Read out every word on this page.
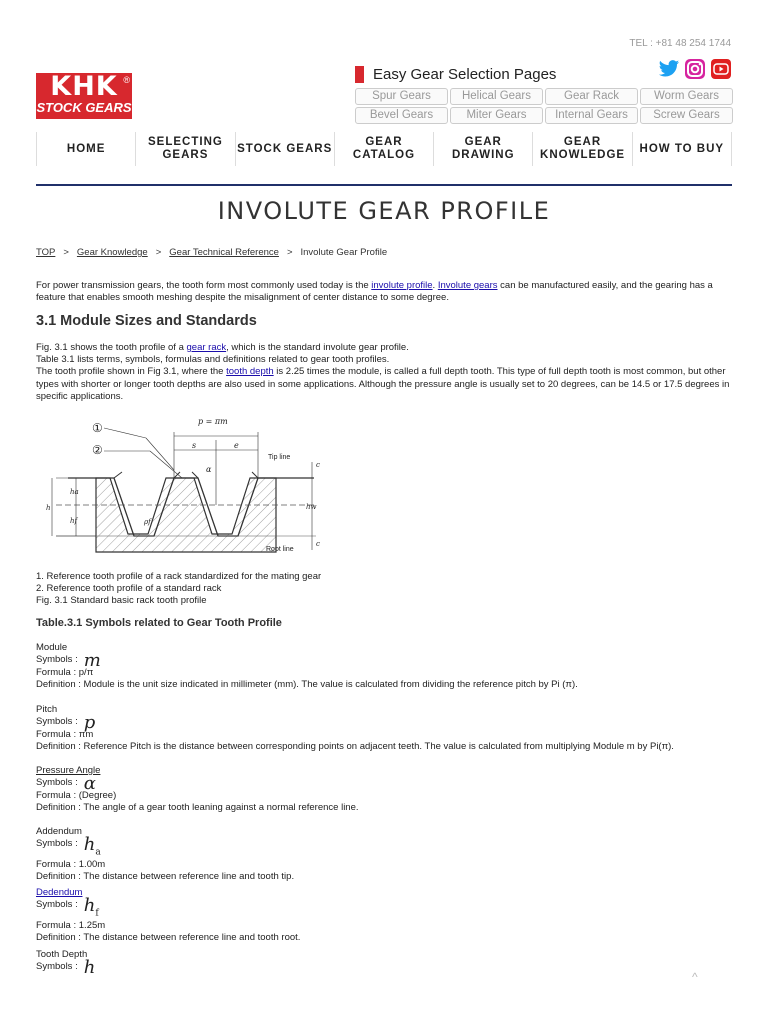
TEL : +81 48 254 1744
®
KHK
STOCK GEARS
Easy Gear Selection Pages
Spur Gears	Helical Gears	Gear Rack	Worm Gears
Bevel Gears	Miter Gears	Internal Gears	Screw Gears
HOME
SELECTING GEARS
STOCK GEARS
GEAR CATALOG
GEAR DRAWING
GEAR KNOWLEDGE
HOW TO BUY
INVOLUTE GEAR PROFILE
TOP > Gear Knowledge > Gear Technical Reference > Involute Gear Profile
For power transmission gears, the tooth form most commonly used today is the involute profile. Involute gears can be manufactured easily, and the gearing has a feature that enables smooth meshing despite the misalignment of center distance to some degree.
3.1 Module Sizes and Standards
Fig. 3.1 shows the tooth profile of a gear rack, which is the standard involute gear profile.
Table 3.1 lists terms, symbols, formulas and definitions related to gear tooth profiles.
The tooth profile shown in Fig 3.1, where the tooth depth is 2.25 times the module, is called a full depth tooth. This type of full depth tooth is most common, but other types with shorter or longer tooth depths are also used in some applications. Although the pressure angle is usually set to 20 degrees, can be 14.5 or 17.5 degrees in specific applications.
p = πm
s	e
α
Tip line
Root line
①
②
hw
c
c
h
ha
hf	ρf
1. Reference tooth profile of a rack standardized for the mating gear
2. Reference tooth profile of a standard rack
Fig. 3.1 Standard basic rack tooth profile
Table.3.1 Symbols related to Gear Tooth Profile
Module
Symbols : m
Formula : p/π
Definition : Module is the unit size indicated in millimeter (mm). The value is calculated from dividing the reference pitch by Pi (π).
Pitch
Symbols : p
Formula : πm
Definition : Reference Pitch is the distance between corresponding points on adjacent teeth. The value is calculated from multiplying Module m by Pi(π).
Pressure Angle
Symbols : α
Formula : (Degree)
Definition : The angle of a gear tooth leaning against a normal reference line.
Addendum
Symbols : $h_a$
Formula : 1.00m
Definition : The distance between reference line and tooth tip.
Dedendum
Symbols : $h_f$
Formula : 1.25m
Definition : The distance between reference line and tooth root.
Tooth Depth
Symbols : h	^
